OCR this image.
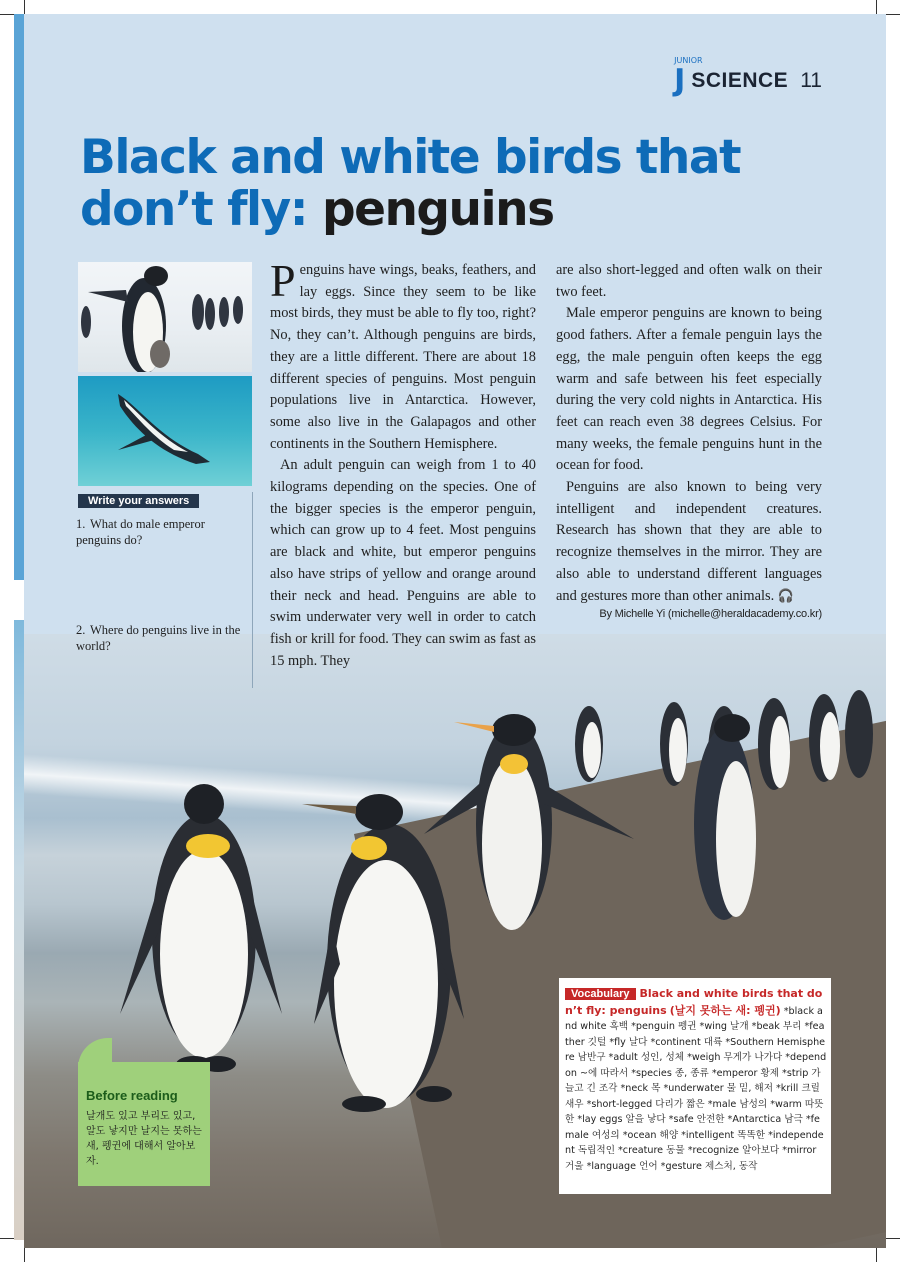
JUNIOR
J SCIENCE 11
Black and white birds that
don’t fly: penguins
Write your answers
1. What do male emperor penguins do?
2. Where do penguins live in the world?

Penguins have wings, beaks, feathers, and lay eggs. Since they seem to be like most birds, they must be able to fly too, right? No, they can’t. Although penguins are birds, they are a little different. There are about 18 different species of penguins. Most penguin populations live in Antarctica. However, some also live in the Galapagos and other continents in the Southern Hemisphere.

An adult penguin can weigh from 1 to 40 kilograms depending on the species. One of the bigger species is the emperor penguin, which can grow up to 4 feet. Most penguins are black and white, but emperor penguins also have strips of yellow and orange around their neck and head. Penguins are able to swim underwater very well in order to catch fish or krill for food. They can swim as fast as 15 mph. They

are also short-legged and often walk on their two feet.

Male emperor penguins are known to being good fathers. After a female penguin lays the egg, the male penguin often keeps the egg warm and safe between his feet especially during the very cold nights in Antarctica. His feet can reach even 38 degrees Celsius. For many weeks, the female penguins hunt in the ocean for food.

Penguins are also known to being very intelligent and independent creatures. Research has shown that they are able to recognize themselves in the mirror. They are also able to understand different languages and gestures more than other animals. 🎧

By Michelle Yi (michelle@heraldacademy.co.kr)
Vocabulary Black and white birds that don’t fly: penguins (날지 못하는 새: 펭귄) *black and white 흑백 *penguin 펭귄 *wing 날개 *beak 부리 *feather 깃털 *fly 날다 *continent 대륙 *Southern Hemisphere 남반구 *adult 성인, 성체 *weigh 무게가 나가다 *depend on ~에 따라서 *species 종, 종류 *emperor 황제 *strip 가늘고 긴 조각 *neck 목 *underwater 물 밑, 해저 *krill 크릴 새우 *short-legged 다리가 짧은 *male 남성의 *warm 따뜻한 *lay eggs 알을 낳다 *safe 안전한 *Antarctica 남극 *female 여성의 *ocean 해양 *intelligent 똑똑한 *independent 독립적인 *creature 동물 *recognize 알아보다 *mirror 거울 *language 언어 *gesture 제스처, 동작
Before reading
날개도 있고 부리도 있고, 알도 낳지만 날지는 못하는 새, 펭귄에 대해서 알아보자.
